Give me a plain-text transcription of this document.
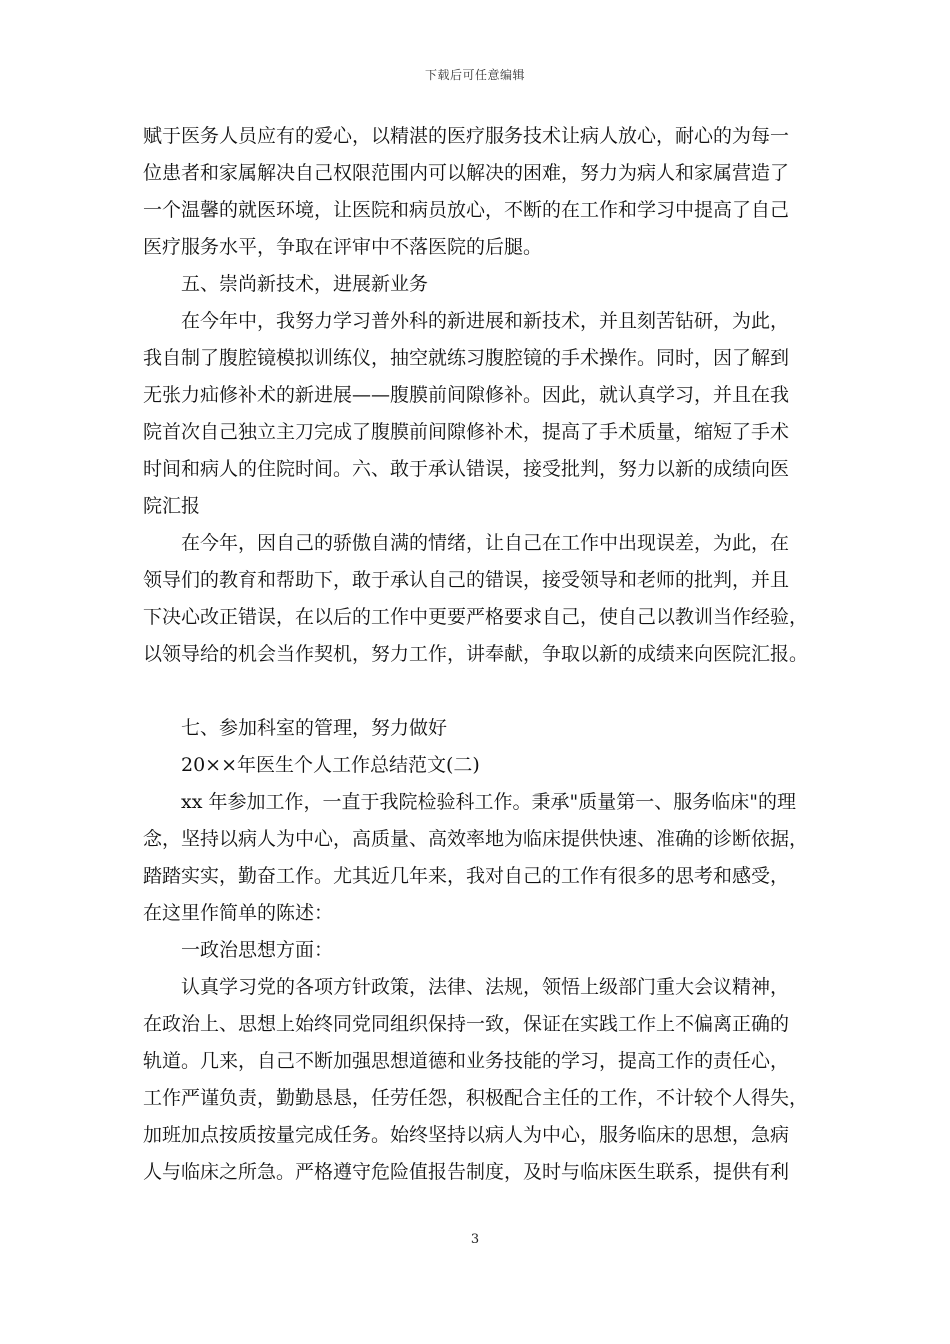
下载后可任意编辑
赋于医务人员应有的爱心，以精湛的医疗服务技术让病人放心，耐心的为每一
位患者和家属解决自己权限范围内可以解决的困难，努力为病人和家属营造了
一个温馨的就医环境，让医院和病员放心，不断的在工作和学习中提高了自己
医疗服务水平，争取在评审中不落医院的后腿。
五、崇尚新技术，进展新业务
在今年中，我努力学习普外科的新进展和新技术，并且刻苦钻研，为此，
我自制了腹腔镜模拟训练仪，抽空就练习腹腔镜的手术操作。同时，因了解到
无张力疝修补术的新进展——腹膜前间隙修补。因此，就认真学习，并且在我
院首次自己独立主刀完成了腹膜前间隙修补术，提高了手术质量，缩短了手术
时间和病人的住院时间。六、敢于承认错误，接受批判，努力以新的成绩向医
院汇报
在今年，因自己的骄傲自满的情绪，让自己在工作中出现误差，为此，在
领导们的教育和帮助下，敢于承认自己的错误，接受领导和老师的批判，并且
下决心改正错误，在以后的工作中更要严格要求自己，使自己以教训当作经验，
以领导给的机会当作契机，努力工作，讲奉献，争取以新的成绩来向医院汇报。
七、参加科室的管理，努力做好
20××年医生个人工作总结范文(二)
xx 年参加工作，一直于我院检验科工作。秉承"质量第一、服务临床"的理
念，坚持以病人为中心，高质量、高效率地为临床提供快速、准确的诊断依据，
踏踏实实，勤奋工作。尤其近几年来，我对自己的工作有很多的思考和感受，
在这里作简单的陈述：
一政治思想方面：
认真学习党的各项方针政策，法律、法规，领悟上级部门重大会议精神，
在政治上、思想上始终同党同组织保持一致，保证在实践工作上不偏离正确的
轨道。几来，自己不断加强思想道德和业务技能的学习，提高工作的责任心，
工作严谨负责，勤勤恳恳，任劳任怨，积极配合主任的工作，不计较个人得失，
加班加点按质按量完成任务。始终坚持以病人为中心，服务临床的思想，急病
人与临床之所急。严格遵守危险值报告制度，及时与临床医生联系，提供有利
3
